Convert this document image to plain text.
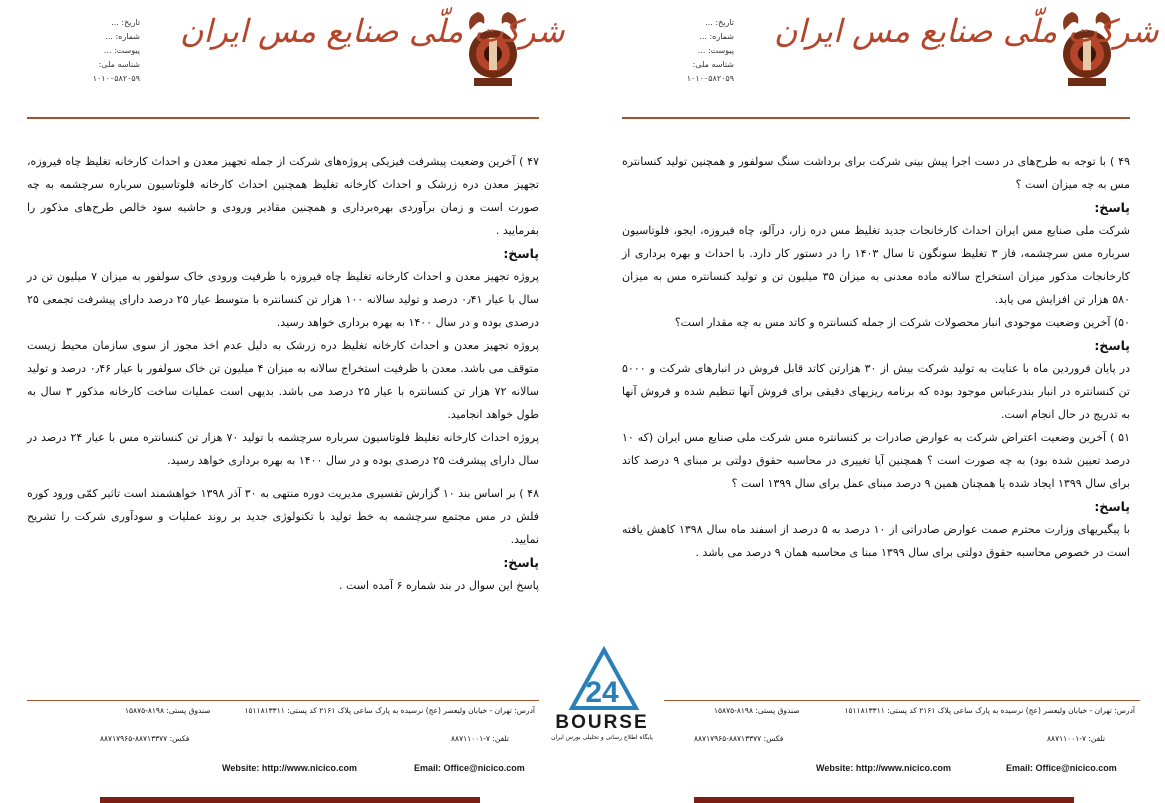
شرکت ملّی صنایع مس ایران
تاریخ: ...
شماره: ...
پیوست: ...
شناسه ملی: ۱۰۱۰۰۵۸۲۰۵۹

۴۹ ) با توجه به طرح‌های در دست اجرا پیش بینی شرکت برای برداشت سنگ سولفور و همچنین تولید کنسانتره مس به چه میزان است ؟

پاسخ:

شرکت ملی صنایع مس ایران احداث کارخانجات جدید تغلیظ مس دره زار، درآلو، چاه فیروزه، ایجو، فلوتاسیون سرباره مس سرچشمه، فاز ۳ تغلیظ سونگون تا سال ۱۴۰۳ را در دستور کار دارد. با احداث و بهره برداری از کارخانجات مذکور میزان استخراج سالانه ماده معدنی به میزان ۳۵ میلیون تن و تولید کنسانتره مس به میزان ۵۸۰ هزار تن افزایش می یابد.

۵۰) آخرین وضعیت موجودی انبار محصولات شرکت از جمله کنسانتره و کاتد مس به چه مقدار است؟

پاسخ:

در پایان فروردین ماه با عنایت به تولید شرکت بیش از ۳۰ هزارتن کاتد قابل فروش در انبارهای شرکت و ۵۰۰۰ تن کنسانتره در انبار بندرعباس موجود بوده که برنامه ریزیهای دقیقی برای فروش آنها تنظیم شده و فروش آنها به تدریج در حال انجام است.

۵۱ ) آخرین وضعیت اعتراض شرکت به عوارض صادرات بر کنسانتره مس شرکت ملی صنایع مس ایران (که ۱۰ درصد تعیین شده بود) به چه صورت است ؟ همچنین آیا تغییری در محاسبه حقوق دولتی بر مبنای ۹ درصد کاتد برای سال ۱۳۹۹ ایجاد شده یا همچنان همین ۹ درصد مبنای عمل برای سال ۱۳۹۹ است ؟

پاسخ:

با پیگیریهای وزارت محترم صمت عوارض صادراتی از ۱۰ درصد به ۵ درصد از اسفند ماه سال ۱۳۹۸ کاهش یافته است در خصوص محاسبه حقوق دولتی برای سال ۱۳۹۹ مبنا ی محاسبه همان ۹ درصد می باشد .

آدرس: تهران - خیابان ولیعصر (عج) نرسیده به پارک ساعی پلاک ۲۱۶۱ کد پستی: ۱۵۱۱۸۱۳۳۱۱
صندوق پستی: ۸۱۹۸-۱۵۸۷۵
تلفن: ۷-۸۸۷۱۱۰۰۱
فکس: ۸۸۷۱۳۳۷۷-۸۸۷۱۷۹۶۵
Website: http://www.nicico.com	Email: Office@nicico.com
شرکت ملّی صنایع مس ایران
تاریخ: ...
شماره: ...
پیوست: ...
شناسه ملی: ۱۰۱۰۰۵۸۲۰۵۹

۴۷ ) آخرین وضعیت پیشرفت فیزیکی پروژه‌های شرکت از جمله تجهیز معدن و احداث کارخانه تغلیظ چاه فیروزه، تجهیز معدن دره زرشک و احداث کارخانه تغلیظ همچنین احداث کارخانه فلوتاسیون سرباره سرچشمه به چه صورت است و زمان برآوردی بهره‌برداری و همچنین مقادیر ورودی و حاشیه سود خالص طرح‌های مذکور را بفرمایید .

پاسخ:

پروژه تجهیز معدن و احداث کارخانه تغلیظ چاه فیروزه با ظرفیت ورودی خاک سولفور به میزان ۷ میلیون تن در سال با عیار ۰٫۴۱ درصد و تولید سالانه ۱۰۰ هزار تن کنسانتره با متوسط عیار ۲۵ درصد دارای پیشرفت تجمعی ۲۵ درصدی بوده و در سال ۱۴۰۰ به بهره برداری خواهد رسید.

پروژه تجهیز معدن و احداث کارخانه تغلیظ دره زرشک به دلیل عدم اخذ مجوز از سوی سازمان محیط زیست متوقف می باشد. معدن با ظرفیت استخراج سالانه به میزان ۴ میلیون تن خاک سولفور با عیار ۰٫۴۶ درصد و تولید سالانه ۷۲ هزار تن کنسانتره با عیار ۲۵ درصد می باشد. بدیهی است عملیات ساخت کارخانه مذکور ۳ سال به طول خواهد انجامید.

پروژه احداث کارخانه تغلیظ فلوتاسیون سرباره سرچشمه با تولید ۷۰ هزار تن کنسانتره مس با عیار ۲۴ درصد در سال دارای پیشرفت ۲۵ درصدی بوده و در سال ۱۴۰۰ به بهره برداری خواهد رسید.

۴۸ ) بر اساس بند ۱۰ گزارش تفسیری مدیریت دوره منتهی به ۳۰ آذر ۱۳۹۸ خواهشمند است تاثیر کمّی ورود کوره فلش در مس مجتمع سرچشمه به خط تولید با تکنولوژی جدید بر روند عملیات و سودآوری شرکت را تشریح نمایید.

پاسخ:

پاسخ این سوال در بند شماره ۶ آمده است .

آدرس: تهران - خیابان ولیعصر (عج) نرسیده به پارک ساعی پلاک ۲۱۶۱ کد پستی: ۱۵۱۱۸۱۳۳۱۱
صندوق پستی: ۸۱۹۸-۱۵۸۷۵
تلفن: ۷-۸۸۷۱۱۰۰۱
فکس: ۸۸۷۱۳۳۷۷-۸۸۷۱۷۹۶۵
Website: http://www.nicico.com	Email: Office@nicico.com
24
BOURSE
پایگاه اطلاع رسانی و تحلیلی بورس ایران
